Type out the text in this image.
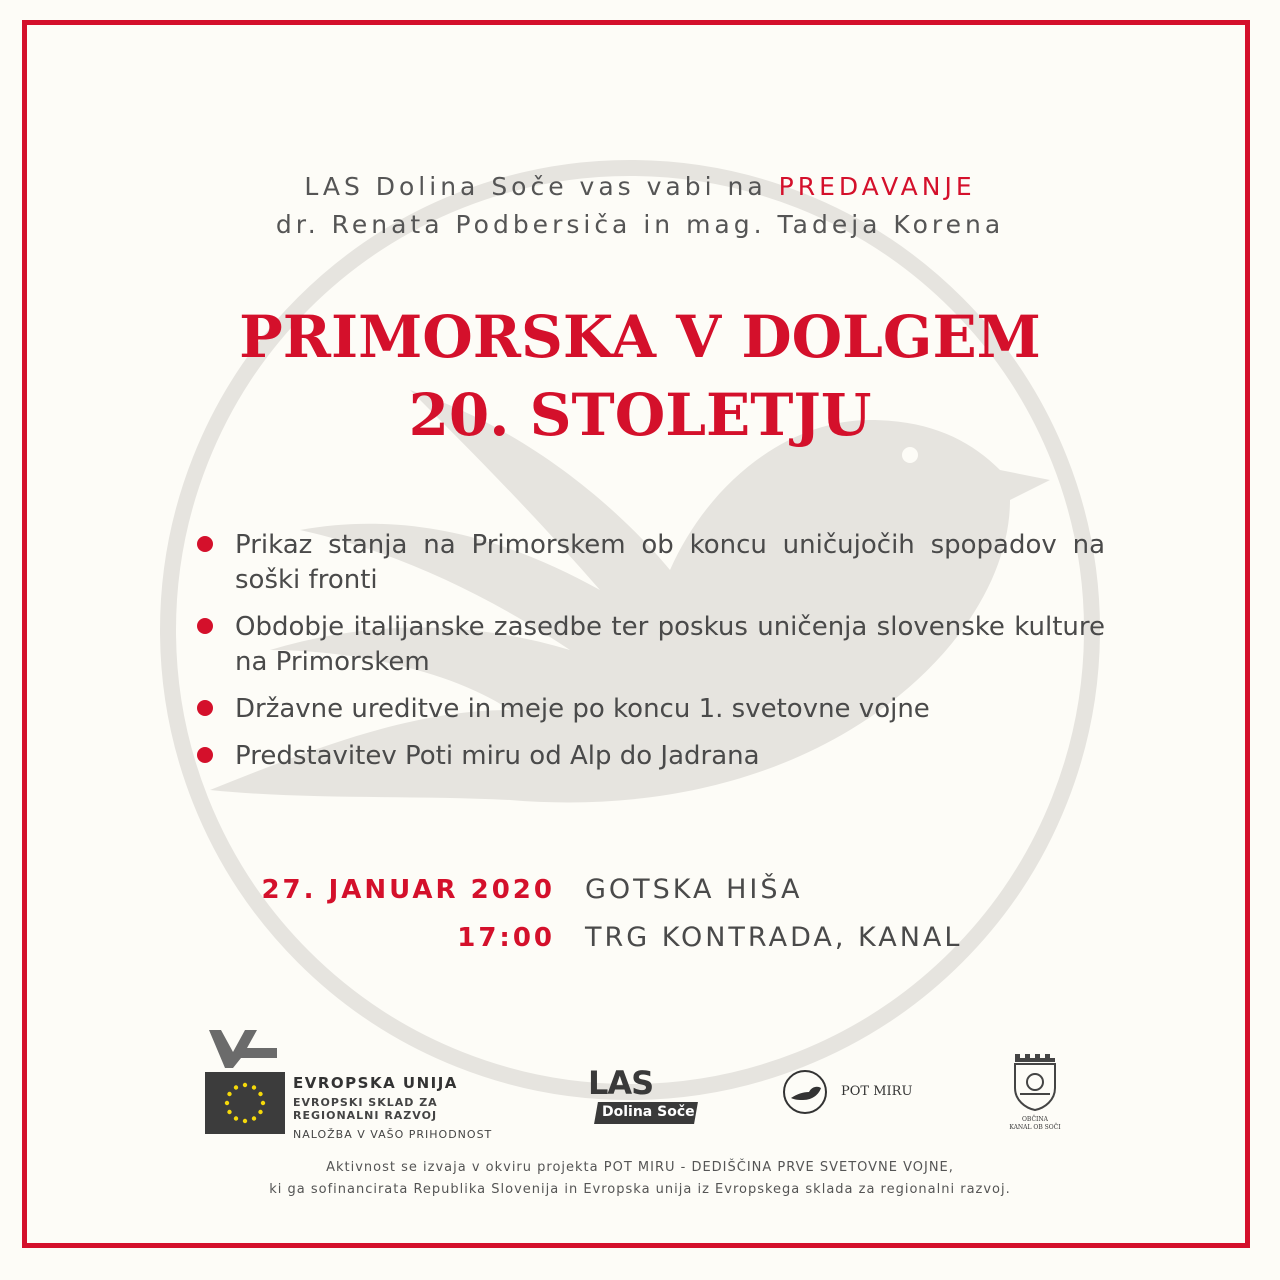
LAS Dolina Soče vas vabi na PREDAVANJE
dr. Renata Podbersiča in mag. Tadeja Korena
PRIMORSKA V DOLGEM
20. STOLETJU
Prikaz stanja na Primorskem ob koncu uničujočih spopadov na soški fronti
Obdobje italijanske zasedbe ter poskus uničenja slovenske kulture na Primorskem
Državne ureditve in meje po koncu 1. svetovne vojne
Predstavitev Poti miru od Alp do Jadrana
27. JANUAR 2020 GOTSKA HIŠA
17:00 TRG KONTRADA, KANAL
EVROPSKA UNIJA
EVROPSKI SKLAD ZA
REGIONALNI RAZVOJ
NALOŽBA V VAŠO PRIHODNOST
LAS
Dolina Soče
POT MIRU
OBČINA
KANAL OB SOČI
Aktivnost se izvaja v okviru projekta POT MIRU - DEDIŠČINA PRVE SVETOVNE VOJNE,
ki ga sofinancirata Republika Slovenija in Evropska unija iz Evropskega sklada za regionalni razvoj.
